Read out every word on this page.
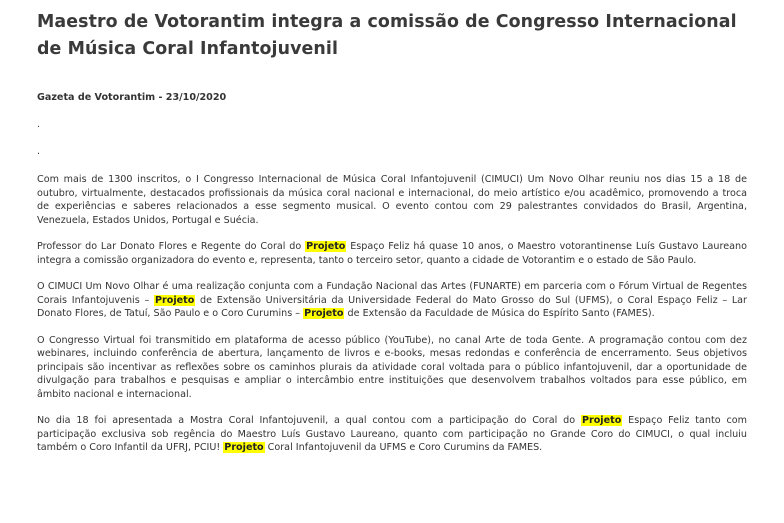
Maestro de Votorantim integra a comissão de Congresso Internacional de Música Coral Infantojuvenil

Gazeta de Votorantim - 23/10/2020

.
.

Com mais de 1300 inscritos, o I Congresso Internacional de Música Coral Infantojuvenil (CIMUCI) Um Novo Olhar reuniu nos dias 15 a 18 de outubro, virtualmente, destacados profissionais da música coral nacional e internacional, do meio artístico e/ou acadêmico, promovendo a troca de experiências e saberes relacionados a esse segmento musical. O evento contou com 29 palestrantes convidados do Brasil, Argentina, Venezuela, Estados Unidos, Portugal e Suécia.

Professor do Lar Donato Flores e Regente do Coral do Projeto Espaço Feliz há quase 10 anos, o Maestro votorantinense Luís Gustavo Laureano integra a comissão organizadora do evento e, representa, tanto o terceiro setor, quanto a cidade de Votorantim e o estado de São Paulo.

O CIMUCI Um Novo Olhar é uma realização conjunta com a Fundação Nacional das Artes (FUNARTE) em parceria com o Fórum Virtual de Regentes Corais Infantojuvenis – Projeto de Extensão Universitária da Universidade Federal do Mato Grosso do Sul (UFMS), o Coral Espaço Feliz – Lar Donato Flores, de Tatuí, São Paulo e o Coro Curumins – Projeto de Extensão da Faculdade de Música do Espírito Santo (FAMES).

O Congresso Virtual foi transmitido em plataforma de acesso público (YouTube), no canal Arte de toda Gente. A programação contou com dez webinares, incluindo conferência de abertura, lançamento de livros e e-books, mesas redondas e conferência de encerramento. Seus objetivos principais são incentivar as reflexões sobre os caminhos plurais da atividade coral voltada para o público infantojuvenil, dar a oportunidade de divulgação para trabalhos e pesquisas e ampliar o intercâmbio entre instituições que desenvolvem trabalhos voltados para esse público, em âmbito nacional e internacional.

No dia 18 foi apresentada a Mostra Coral Infantojuvenil, a qual contou com a participação do Coral do Projeto Espaço Feliz tanto com participação exclusiva sob regência do Maestro Luís Gustavo Laureano, quanto com participação no Grande Coro do CIMUCI, o qual incluiu também o Coro Infantil da UFRJ, PCIU! Projeto Coral Infantojuvenil da UFMS e Coro Curumins da FAMES.
